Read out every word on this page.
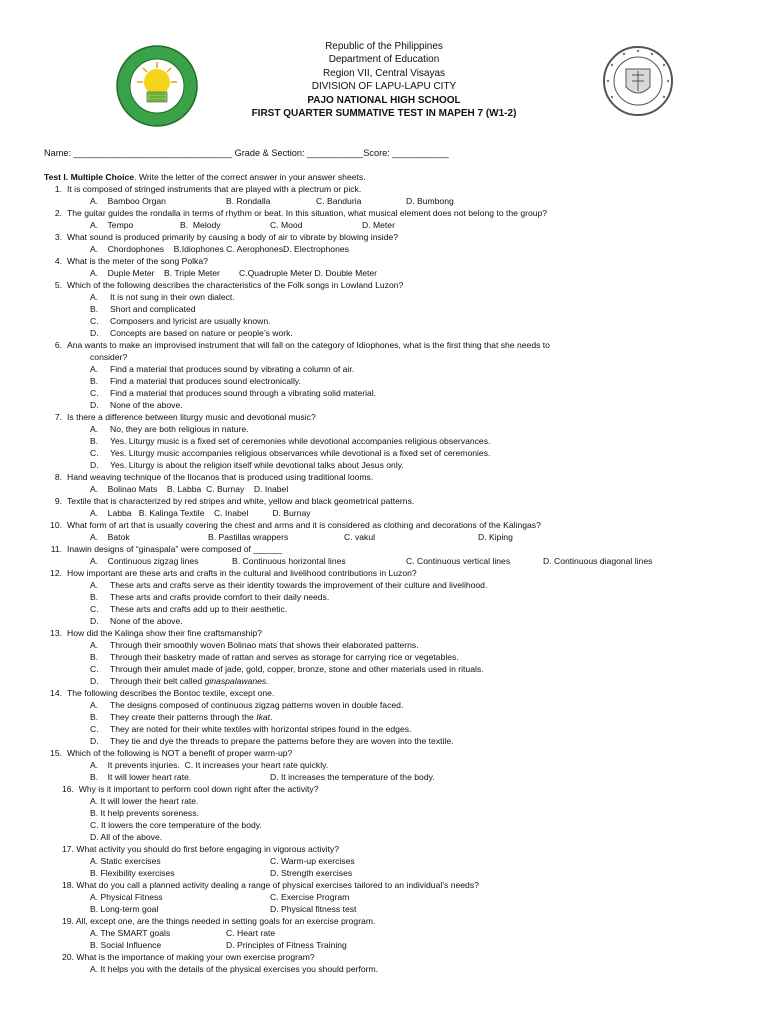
Republic of the Philippines
Department of Education
Region VII, Central Visayas
DIVISION OF LAPU-LAPU CITY
PAJO NATIONAL HIGH SCHOOL
FIRST QUARTER SUMMATIVE TEST IN MAPEH 7 (W1-2)
Name: _______________________________ Grade & Section: ___________Score: ___________
Test I. Multiple Choice. Write the letter of the correct answer in your answer sheets.
1. It is composed of stringed instruments that are played with a plectrum or pick.
A.    Bamboo Organ	B. Rondalla	C. Banduria	D. Bumbong
2. The guitar guides the rondalla in terms of rhythm or beat. In this situation, what musical element does not belong to the group?
A.    Tempo	B.  Melody	C. Mood	D. Meter
3. What sound is produced primarily by causing a body of air to vibrate by blowing inside?
A.    Chordophones    B.Idiophones C. AerophonesD. Electrophones
4. What is the meter of the song Polka?
A.    Duple Meter    B. Triple Meter        C.Quadruple Meter D. Double Meter
5. Which of the following describes the characteristics of the Folk songs in Lowland Luzon?
A. It is not sung in their own dialect.
B. Short and complicated
C. Composers and lyricist are usually known.
D. Concepts are based on nature or people’s work.
6. Ana wants to make an improvised instrument that will fall on the category of Idiophones, what is the first thing that she needs to
consider?
A. Find a material that produces sound by vibrating a column of air.
B. Find a material that produces sound electronically.
C. Find a material that produces sound through a vibrating solid material.
D. None of the above.
7. Is there a difference between liturgy music and devotional music?
A. No, they are both religious in nature.
B. Yes. Liturgy music is a fixed set of ceremonies while devotional accompanies religious observances.
C. Yes. Liturgy music accompanies religious observances while devotional is a fixed set of ceremonies.
D. Yes. Liturgy is about the religion itself while devotional talks about Jesus only.
8. Hand weaving technique of the Ilocanos that is produced using traditional looms.
A.    Bolinao Mats    B. Labba  C. Burnay    D. Inabel
9. Textile that is characterized by red stripes and white, yellow and black geometrical patterns.
A.    Labba   B. Kalinga Textile    C. Inabel          D. Burnay
10. What form of art that is usually covering the chest and arms and it is considered as clothing and decorations of the Kalingas?
A.    Batok	B. Pastillas wrappers	C. vakul	D. Kiping
11. Inawin designs of “ginaspala” were composed of ______
A.    Continuous zigzag lines	B. Continuous horizontal lines	C. Continuous vertical lines	D. Continuous diagonal lines
12. How important are these arts and crafts in the cultural and livelihood contributions in Luzon?
A. These arts and crafts serve as their identity towards the improvement of their culture and livelihood.
B. These arts and crafts provide comfort to their daily needs.
C. These arts and crafts add up to their aesthetic.
D. None of the above.
13. How did the Kalinga show their fine craftsmanship?
A. Through their smoothly woven Bolinao mats that shows their elaborated patterns.
B. Through their basketry made of rattan and serves as storage for carrying rice or vegetables.
C. Through their amulet made of jade, gold, copper, bronze, stone and other materials used in rituals.
D. Through their belt called ginaspalawanes.
14. The following describes the Bontoc textile, except one.
A. The designs composed of continuous zigzag patterns woven in double faced.
B. They create their patterns through the Ikat.
C. They are noted for their white textiles with horizontal stripes found in the edges.
D. They tie and dye the threads to prepare the patterns before they are woven into the textile.
15. Which of the following is NOT a benefit of proper warm-up?
A.    It prevents injuries.  C. It increases your heart rate quickly.
B.    It will lower heart rate.	D. It increases the temperature of the body.
16.  Why is it important to perform cool down right after the activity?
A. It will lower the heart rate.
B. It help prevents soreness.
C. It lowers the core temperature of the body.
D. All of the above.
17. What activity you should do first before engaging in vigorous activity?
A. Static exercises	C. Warm-up exercises
B. Flexibility exercises	D. Strength exercises
18. What do you call a planned activity dealing a range of physical exercises tailored to an individual’s needs?
A. Physical Fitness	C. Exercise Program
B. Long-term goal	D. Physical fitness test
19. All, except one, are the things needed in setting goals for an exercise program.
A. The SMART goals	C. Heart rate
B. Social Influence	D. Principles of Fitness Training
20. What is the importance of making your own exercise program?
A. It helps you with the details of the physical exercises you should perform.
